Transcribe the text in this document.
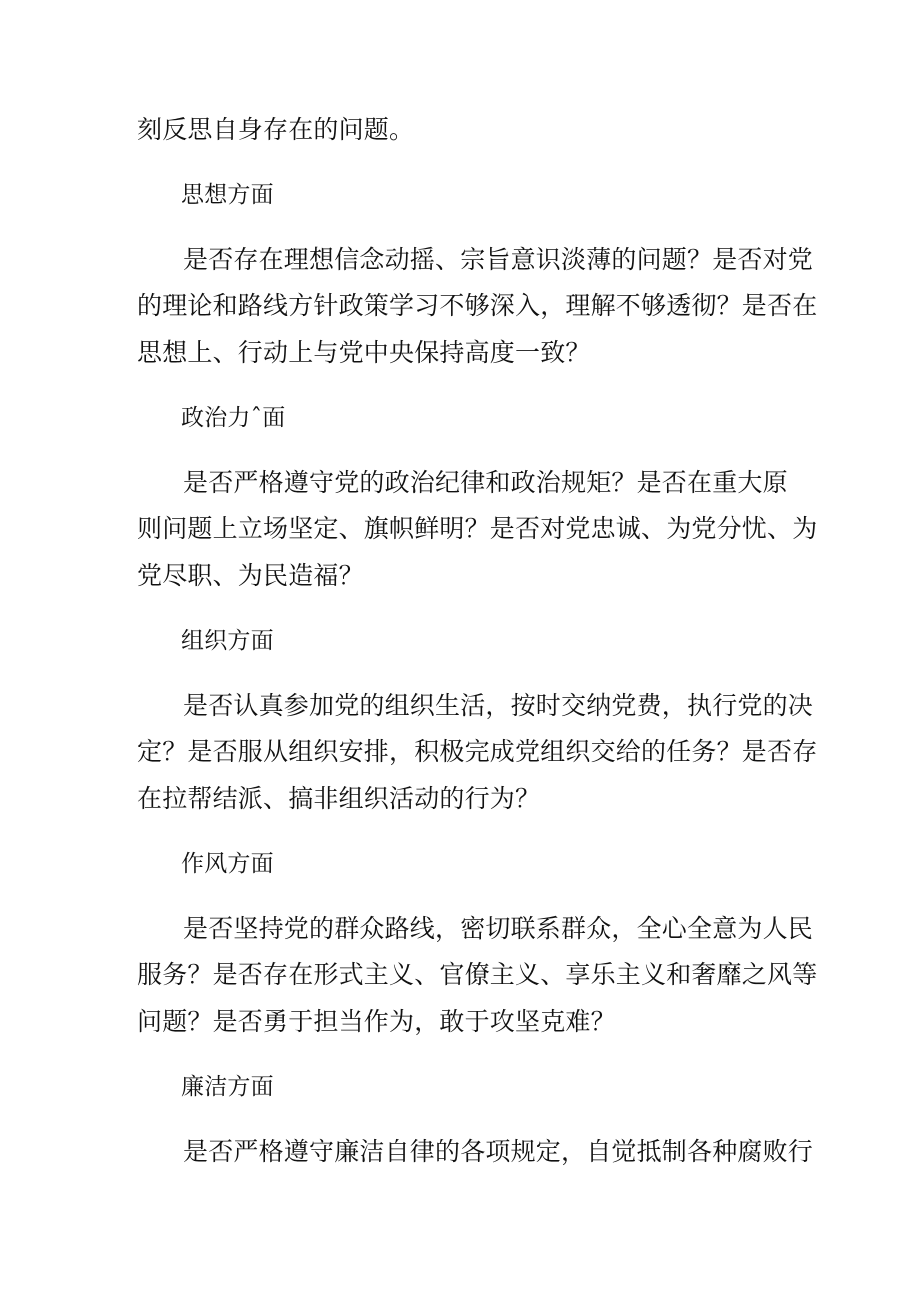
刻反思自身存在的问题。
思想方面
是否存在理想信念动摇、宗旨意识淡薄的问题？是否对党
的理论和路线方针政策学习不够深入，理解不够透彻？是否在
思想上、行动上与党中央保持高度一致？
政治力ˆ面
是否严格遵守党的政治纪律和政治规矩？是否在重大原
则问题上立场坚定、旗帜鲜明？是否对党忠诚、为党分忧、为
党尽职、为民造福？
组织方面
是否认真参加党的组织生活，按时交纳党费，执行党的决
定？是否服从组织安排，积极完成党组织交给的任务？是否存
在拉帮结派、搞非组织活动的行为？
作风方面
是否坚持党的群众路线，密切联系群众，全心全意为人民
服务？是否存在形式主义、官僚主义、享乐主义和奢靡之风等
问题？是否勇于担当作为，敢于攻坚克难？
廉洁方面
是否严格遵守廉洁自律的各项规定，自觉抵制各种腐败行
